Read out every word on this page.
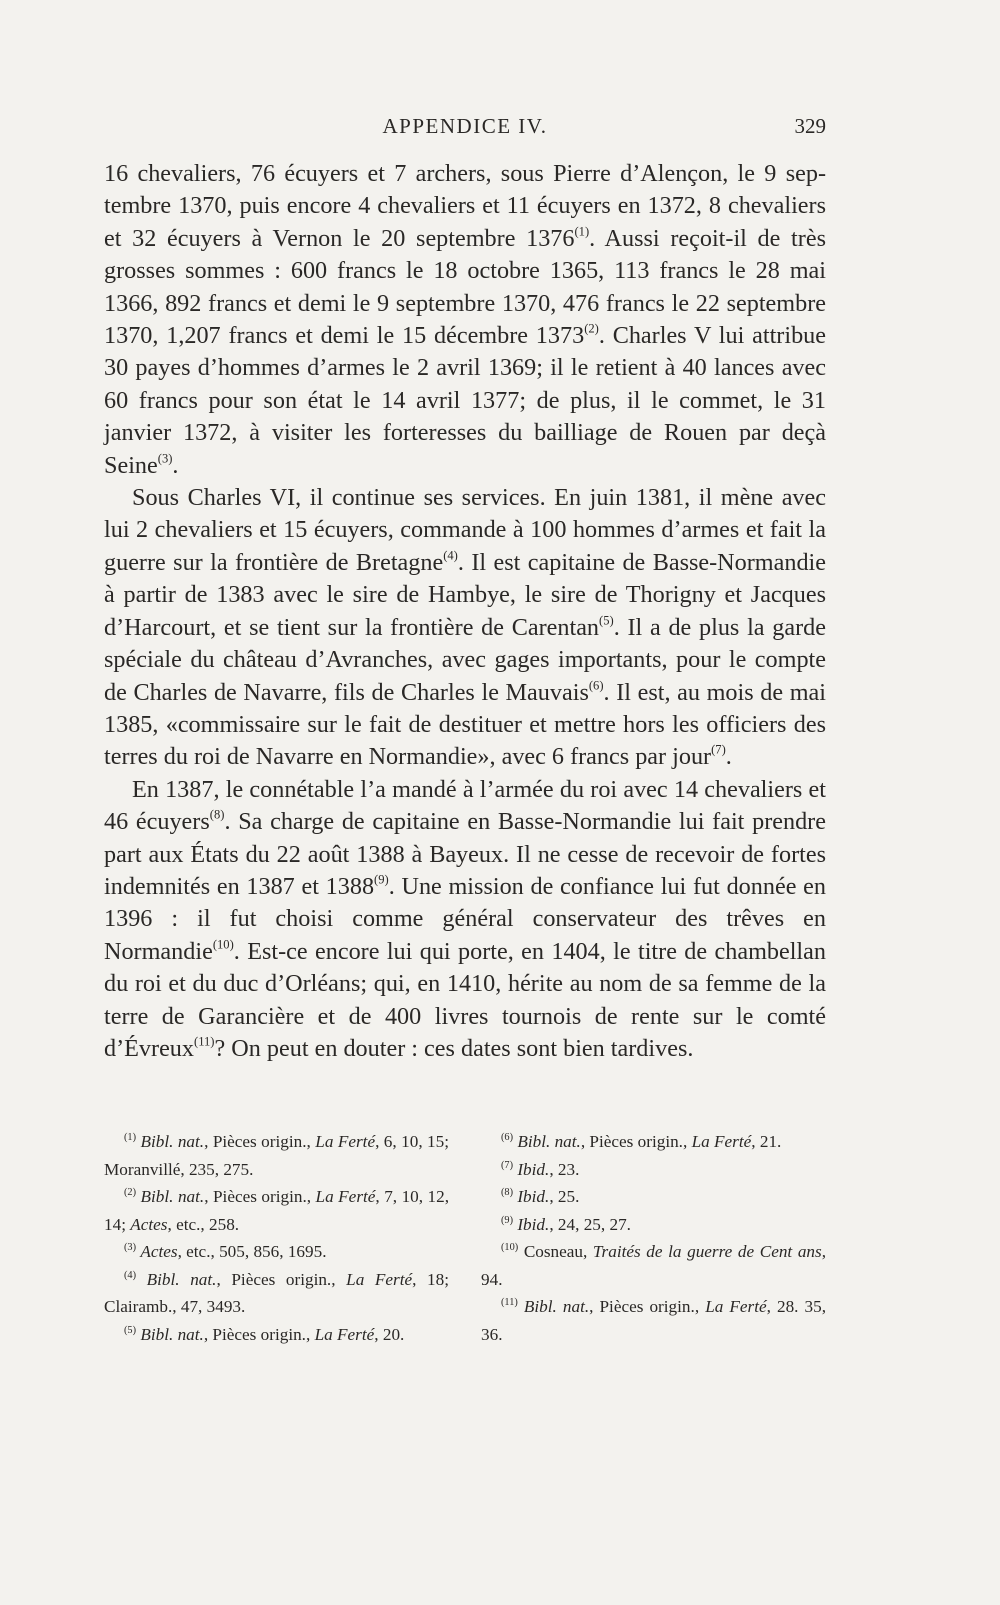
APPENDICE IV.	329

16 chevaliers, 76 écuyers et 7 archers, sous Pierre d’Alençon, le 9 septembre 1370, puis encore 4 chevaliers et 11 écuyers en 1372, 8 chevaliers et 32 écuyers à Vernon le 20 septembre 1376$^{(1)}$. Aussi reçoit-il de très grosses sommes : 600 francs le 18 octobre 1365, 113 francs le 28 mai 1366, 892 francs et demi le 9 septembre 1370, 476 francs le 22 septembre 1370, 1,207 francs et demi le 15 décembre 1373$^{(2)}$. Charles V lui attribue 30 payes d’hommes d’armes le 2 avril 1369; il le retient à 40 lances avec 60 francs pour son état le 14 avril 1377; de plus, il le commet, le 31 janvier 1372, à visiter les forteresses du bailliage de Rouen par deçà Seine$^{(3)}$.

Sous Charles VI, il continue ses services. En juin 1381, il mène avec lui 2 chevaliers et 15 écuyers, commande à 100 hommes d’armes et fait la guerre sur la frontière de Bretagne$^{(4)}$. Il est capitaine de Basse-Normandie à partir de 1383 avec le sire de Hambye, le sire de Thorigny et Jacques d’Harcourt, et se tient sur la frontière de Carentan$^{(5)}$. Il a de plus la garde spéciale du château d’Avranches, avec gages importants, pour le compte de Charles de Navarre, fils de Charles le Mauvais$^{(6)}$. Il est, au mois de mai 1385, «commissaire sur le fait de destituer et mettre hors les officiers des terres du roi de Navarre en Normandie», avec 6 francs par jour$^{(7)}$.

En 1387, le connétable l’a mandé à l’armée du roi avec 14 chevaliers et 46 écuyers$^{(8)}$. Sa charge de capitaine en Basse-Normandie lui fait prendre part aux États du 22 août 1388 à Bayeux. Il ne cesse de recevoir de fortes indemnités en 1387 et 1388$^{(9)}$. Une mission de confiance lui fut donnée en 1396 : il fut choisi comme général conservateur des trêves en Normandie$^{(10)}$. Est-ce encore lui qui porte, en 1404, le titre de chambellan du roi et du duc d’Orléans; qui, en 1410, hérite au nom de sa femme de la terre de Garancière et de 400 livres tournois de rente sur le comté d’Évreux$^{(11)}$? On peut en douter : ces dates sont bien tardives.

$^{(1)}$ Bibl. nat., Pièces origin., La Ferté, 6, 10, 15; Moranvillé, 235, 275.

$^{(2)}$ Bibl. nat., Pièces origin., La Ferté, 7, 10, 12, 14; Actes, etc., 258.

$^{(3)}$ Actes, etc., 505, 856, 1695.

$^{(4)}$ Bibl. nat., Pièces origin., La Ferté, 18; Clairamb., 47, 3493.

$^{(5)}$ Bibl. nat., Pièces origin., La Ferté, 20.

$^{(6)}$ Bibl. nat., Pièces origin., La Ferté, 21.

$^{(7)}$ Ibid., 23.

$^{(8)}$ Ibid., 25.

$^{(9)}$ Ibid., 24, 25, 27.

$^{(10)}$ Cosneau, Traités de la guerre de Cent ans, 94.

$^{(11)}$ Bibl. nat., Pièces origin., La Ferté, 28. 35, 36.
